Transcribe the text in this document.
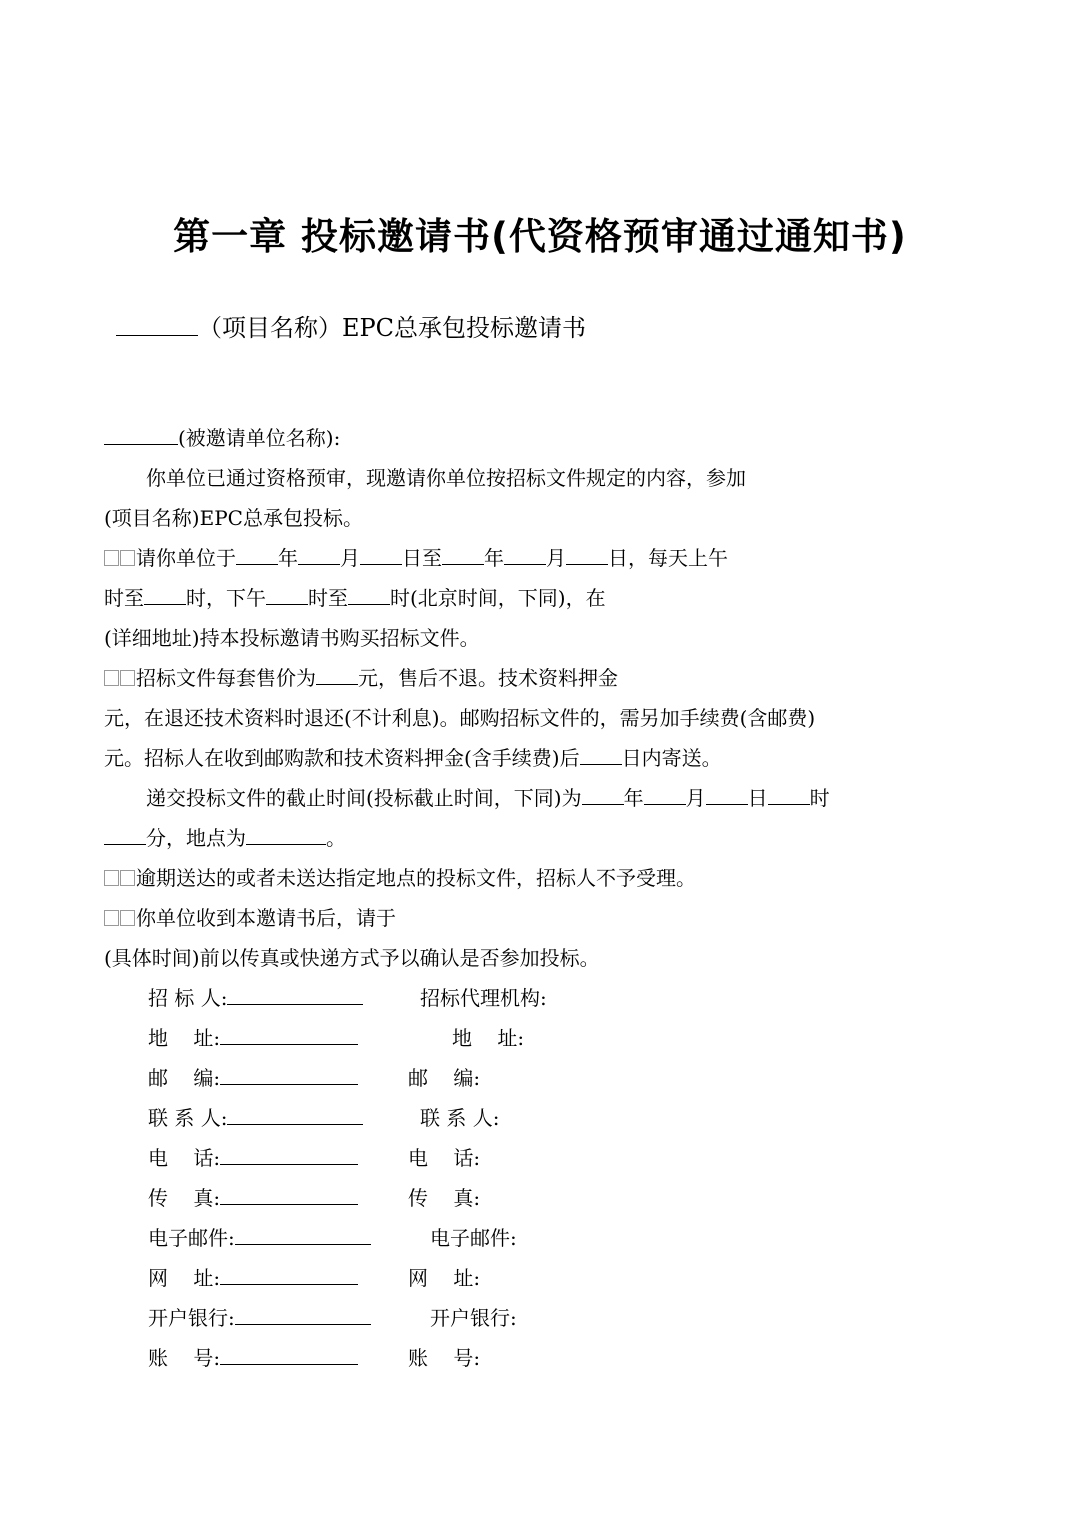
第一章 投标邀请书(代资格预审通过通知书)
（项目名称）EPC总承包投标邀请书
(被邀请单位名称):
你单位已通过资格预审，现邀请你单位按招标文件规定的内容，参加
(项目名称)EPC总承包投标。
请你单位于 年 月 日至 年 月 日，每天上午
时至 时，下午 时至 时(北京时间，下同)，在
(详细地址)持本投标邀请书购买招标文件。
招标文件每套售价为 元，售后不退。技术资料押金
元，在退还技术资料时退还(不计利息)。邮购招标文件的，需另加手续费(含邮费)
元。招标人在收到邮购款和技术资料押金(含手续费)后 日内寄送。
递交投标文件的截止时间(投标截止时间，下同)为 年 月 日 时
分，地点为	。
逾期送达的或者未送达指定地点的投标文件，招标人不予受理。
你单位收到本邀请书后，请于
(具体时间)前以传真或快递方式予以确认是否参加投标。
招 标 人:
地    址:
邮    编:
联 系 人:
电    话:
传    真:
电子邮件:
网    址:
开户银行:
账    号:
招标代理机构:
地    址:
邮    编:
联 系 人:
电    话:
传    真:
电子邮件:
网    址:
开户银行:
账    号:
